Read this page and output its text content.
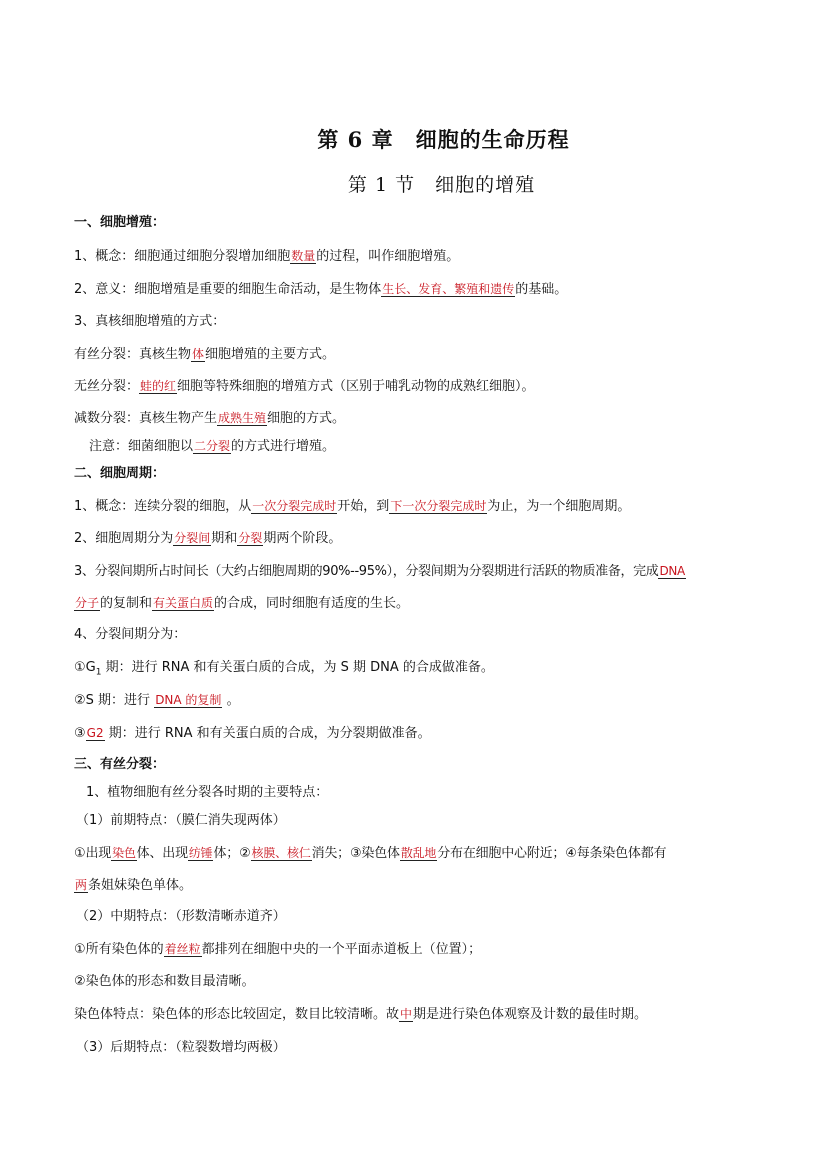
第 6 章　细胞的生命历程
第 1 节　细胞的增殖
一、细胞增殖：
1、概念：细胞通过细胞分裂增加细胞数量的过程，叫作细胞增殖。
2、意义：细胞增殖是重要的细胞生命活动，是生物体生长、发育、繁殖和遗传的基础。
3、真核细胞增殖的方式：
有丝分裂：真核生物体细胞增殖的主要方式。
无丝分裂：蛙的红细胞等特殊细胞的增殖方式（区别于哺乳动物的成熟红细胞）。
减数分裂：真核生物产生成熟生殖细胞的方式。
注意：细菌细胞以二分裂的方式进行增殖。
二、细胞周期：
1、概念：连续分裂的细胞，从一次分裂完成时开始，到下一次分裂完成时为止，为一个细胞周期。
2、细胞周期分为分裂间期和分裂期两个阶段。
3、分裂间期所占时间长（大约占细胞周期的90%--95%），分裂间期为分裂期进行活跃的物质准备，完成DNA
分子的复制和有关蛋白质的合成，同时细胞有适度的生长。
4、分裂间期分为：
$①G_1$ 期：进行 RNA 和有关蛋白质的合成，为 S 期 DNA 的合成做准备。
②S 期：进行 DNA 的复制 。
③G2 期：进行 RNA 和有关蛋白质的合成，为分裂期做准备。
三、有丝分裂：
1、植物细胞有丝分裂各时期的主要特点：
（1）前期特点：（膜仁消失现两体）
①出现染色体、出现纺锤体；②核膜、核仁消失；③染色体散乱地分布在细胞中心附近；④每条染色体都有
两条姐妹染色单体。
（2）中期特点：（形数清晰赤道齐）
①所有染色体的着丝粒都排列在细胞中央的一个平面赤道板上（位置）；
②染色体的形态和数目最清晰。
染色体特点：染色体的形态比较固定，数目比较清晰。故中期是进行染色体观察及计数的最佳时期。
（3）后期特点：（粒裂数增均两极）
